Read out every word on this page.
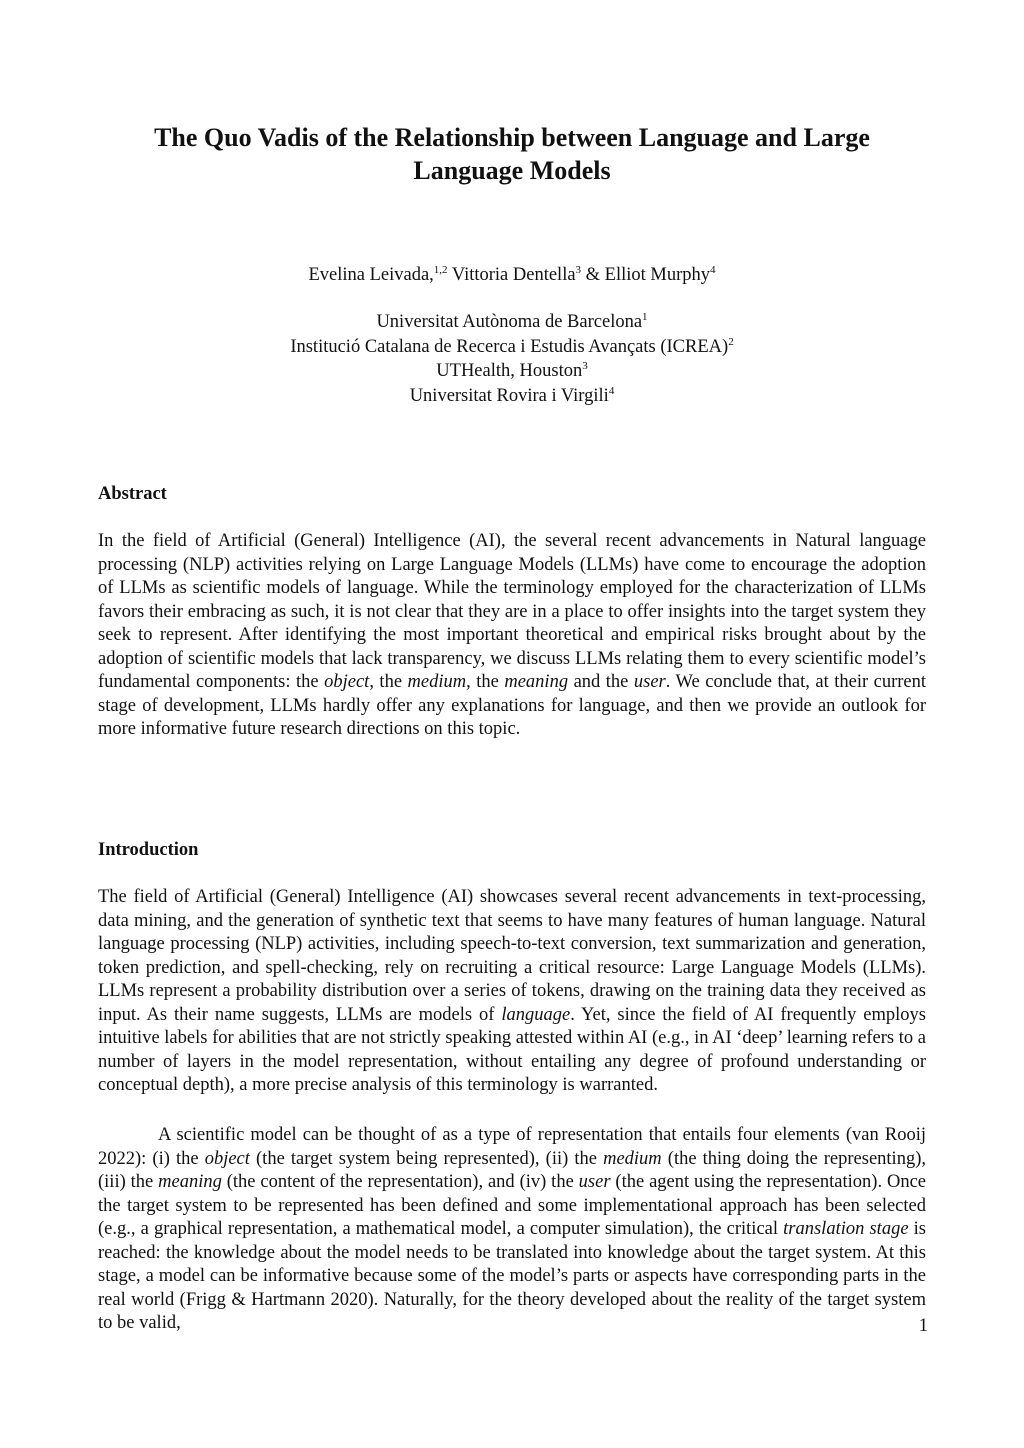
The Quo Vadis of the Relationship between Language and Large
Language Models
Evelina Leivada,$^{1,2}$ Vittoria Dentella$^3$ & Elliot Murphy$^4$
Universitat Autònoma de Barcelona$^1$
Institució Catalana de Recerca i Estudis Avançats (ICREA)$^2$
UTHealth, Houston$^3$
Universitat Rovira i Virgili$^4$
Abstract

In the field of Artificial (General) Intelligence (AI), the several recent advancements in Natural language processing (NLP) activities relying on Large Language Models (LLMs) have come to encourage the adoption of LLMs as scientific models of language. While the terminology employed for the characterization of LLMs favors their embracing as such, it is not clear that they are in a place to offer insights into the target system they seek to represent. After identifying the most important theoretical and empirical risks brought about by the adoption of scientific models that lack transparency, we discuss LLMs relating them to every scientific model’s fundamental components: the object, the medium, the meaning and the user. We conclude that, at their current stage of development, LLMs hardly offer any explanations for language, and then we provide an outlook for more informative future research directions on this topic.

Introduction

The field of Artificial (General) Intelligence (AI) showcases several recent advancements in text-processing, data mining, and the generation of synthetic text that seems to have many features of human language. Natural language processing (NLP) activities, including speech-to-text conversion, text summarization and generation, token prediction, and spell-checking, rely on recruiting a critical resource: Large Language Models (LLMs). LLMs represent a probability distribution over a series of tokens, drawing on the training data they received as input. As their name suggests, LLMs are models of language. Yet, since the field of AI frequently employs intuitive labels for abilities that are not strictly speaking attested within AI (e.g., in AI ‘deep’ learning refers to a number of layers in the model representation, without entailing any degree of profound understanding or conceptual depth), a more precise analysis of this terminology is warranted.

A scientific model can be thought of as a type of representation that entails four elements (van Rooij 2022): (i) the object (the target system being represented), (ii) the medium (the thing doing the representing), (iii) the meaning (the content of the representation), and (iv) the user (the agent using the representation). Once the target system to be represented has been defined and some implementational approach has been selected (e.g., a graphical representation, a mathematical model, a computer simulation), the critical translation stage is reached: the knowledge about the model needs to be translated into knowledge about the target system. At this stage, a model can be informative because some of the model’s parts or aspects have corresponding parts in the real world (Frigg & Hartmann 2020). Naturally, for the theory developed about the reality of the target system to be valid,	1
